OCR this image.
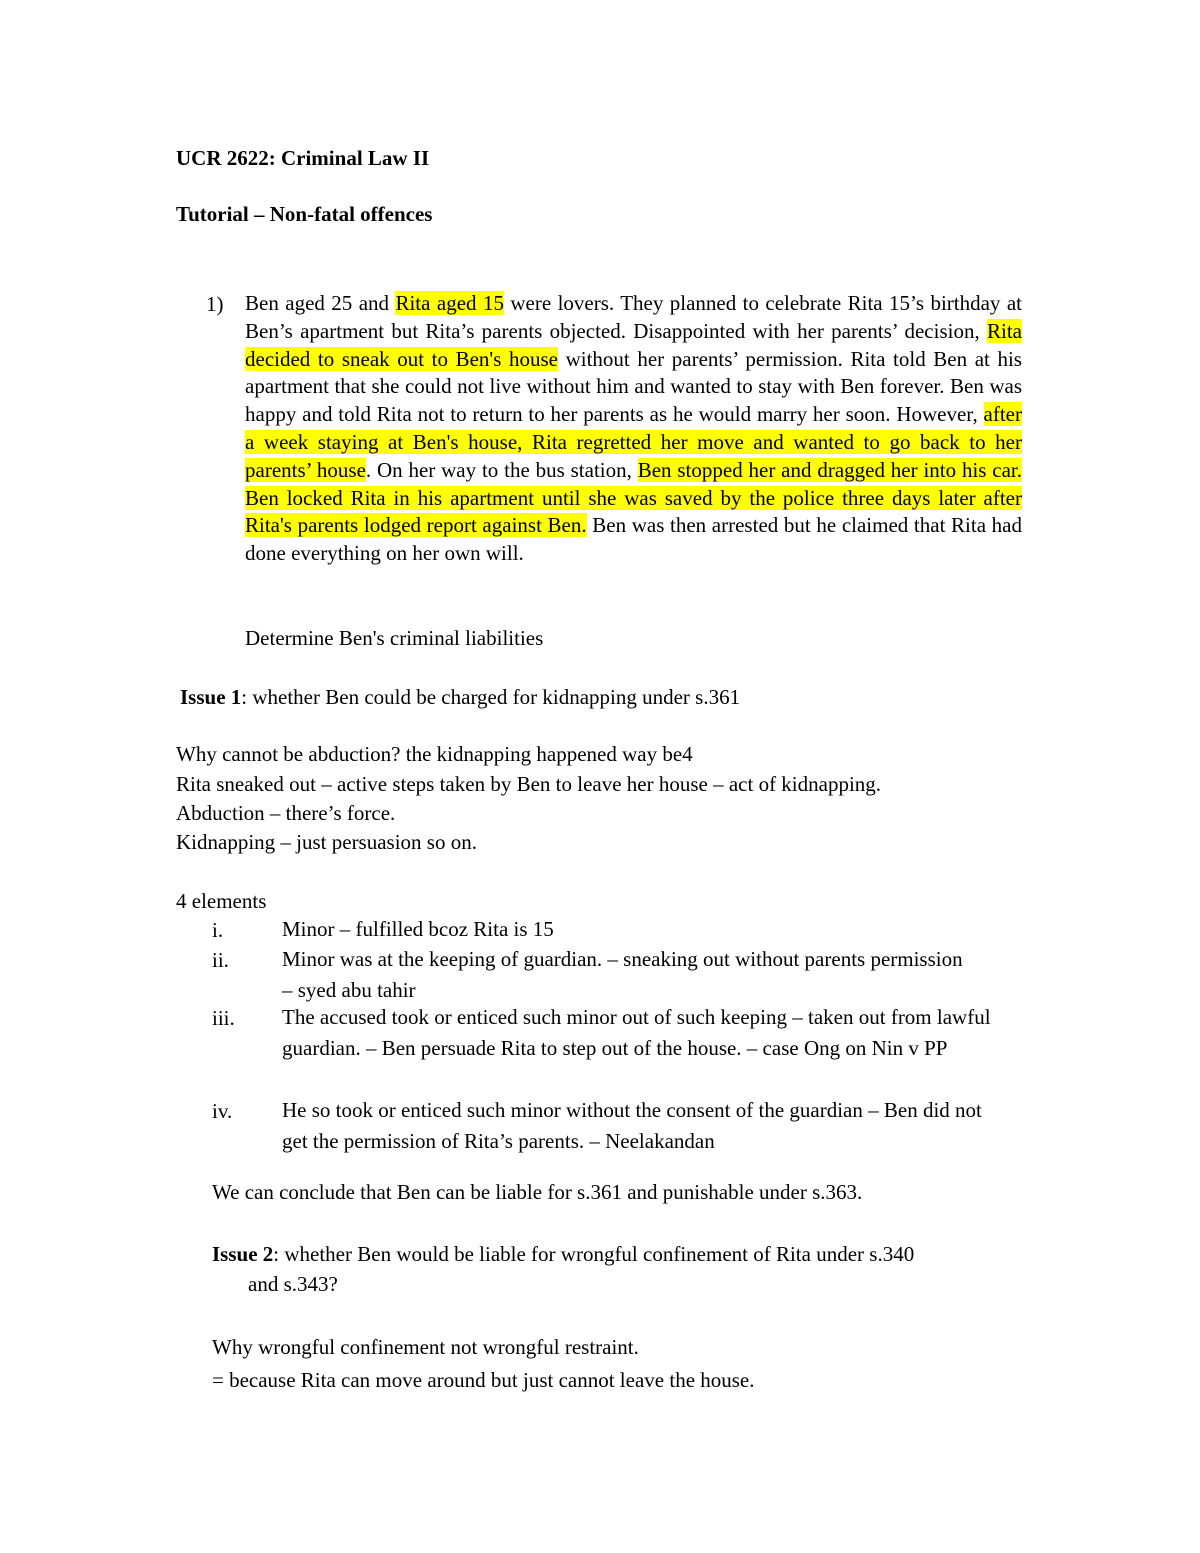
UCR 2622: Criminal Law II
Tutorial – Non-fatal offences
1) Ben aged 25 and Rita aged 15 were lovers. They planned to celebrate Rita 15’s birthday at Ben’s apartment but Rita’s parents objected. Disappointed with her parents’ decision, Rita decided to sneak out to Ben's house without her parents’ permission. Rita told Ben at his apartment that she could not live without him and wanted to stay with Ben forever. Ben was happy and told Rita not to return to her parents as he would marry her soon. However, after a week staying at Ben's house, Rita regretted her move and wanted to go back to her parents’ house. On her way to the bus station, Ben stopped her and dragged her into his car. Ben locked Rita in his apartment until she was saved by the police three days later after Rita's parents lodged report against Ben. Ben was then arrested but he claimed that Rita had done everything on her own will.
Determine Ben's criminal liabilities
Issue 1: whether Ben could be charged for kidnapping under s.361
Why cannot be abduction? the kidnapping happened way be4
Rita sneaked out – active steps taken by Ben to leave her house – act of kidnapping.
Abduction – there’s force.
Kidnapping – just persuasion so on.
4 elements
i.	Minor – fulfilled bcoz Rita is 15
ii.	Minor was at the keeping of guardian. – sneaking out without parents permission – syed abu tahir
iii. The accused took or enticed such minor out of such keeping – taken out from lawful guardian. – Ben persuade Rita to step out of the house. – case Ong on Nin v PP
iv. He so took or enticed such minor without the consent of the guardian – Ben did not get the permission of Rita’s parents. – Neelakandan
We can conclude that Ben can be liable for s.361 and punishable under s.363.
Issue 2: whether Ben would be liable for wrongful confinement of Rita under s.340
and s.343?
Why wrongful confinement not wrongful restraint.
= because Rita can move around but just cannot leave the house.
